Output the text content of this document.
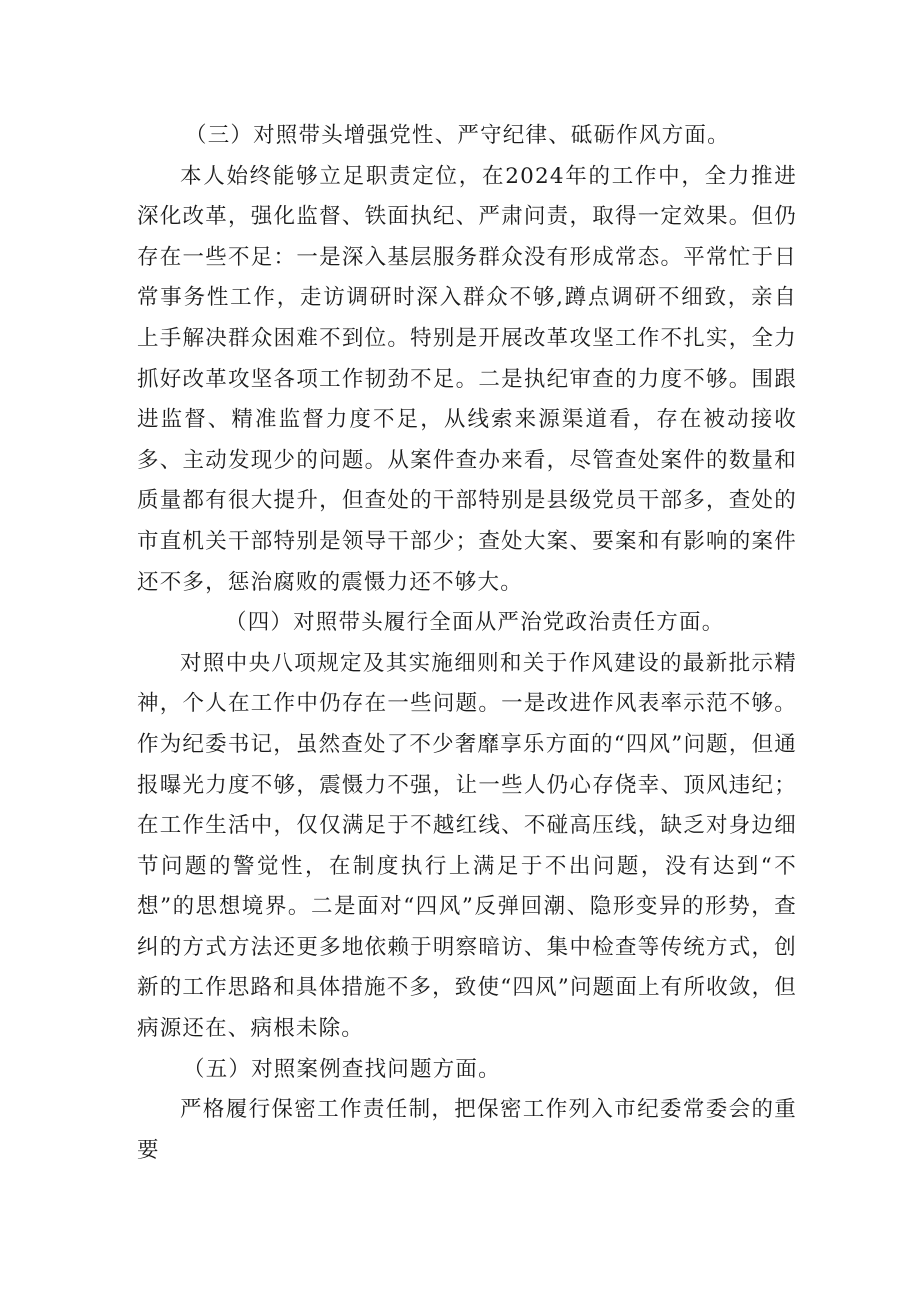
（三）对照带头增强党性、严守纪律、砥砺作风方面。

本人始终能够立足职责定位，在2024年的工作中，全力推进深化改革，强化监督、铁面执纪、严肃问责，取得一定效果。但仍存在一些不足：一是深入基层服务群众没有形成常态。平常忙于日常事务性工作，走访调研时深入群众不够,蹲点调研不细致，亲自上手解决群众困难不到位。特别是开展改革攻坚工作不扎实，全力抓好改革攻坚各项工作韧劲不足。二是执纪审查的力度不够。围跟进监督、精准监督力度不足，从线索来源渠道看，存在被动接收多、主动发现少的问题。从案件查办来看，尽管查处案件的数量和质量都有很大提升，但查处的干部特别是县级党员干部多，查处的市直机关干部特别是领导干部少；查处大案、要案和有影响的案件还不多，惩治腐败的震慑力还不够大。

（四）对照带头履行全面从严治党政治责任方面。

对照中央八项规定及其实施细则和关于作风建设的最新批示精神，个人在工作中仍存在一些问题。一是改进作风表率示范不够。作为纪委书记，虽然查处了不少奢靡享乐方面的“四风”问题，但通报曝光力度不够，震慑力不强，让一些人仍心存侥幸、顶风违纪；在工作生活中，仅仅满足于不越红线、不碰高压线，缺乏对身边细节问题的警觉性，在制度执行上满足于不出问题，没有达到“不想”的思想境界。二是面对“四风”反弹回潮、隐形变异的形势，查纠的方式方法还更多地依赖于明察暗访、集中检查等传统方式，创新的工作思路和具体措施不多，致使“四风”问题面上有所收敛，但病源还在、病根未除。

（五）对照案例查找问题方面。

严格履行保密工作责任制，把保密工作列入市纪委常委会的重要
